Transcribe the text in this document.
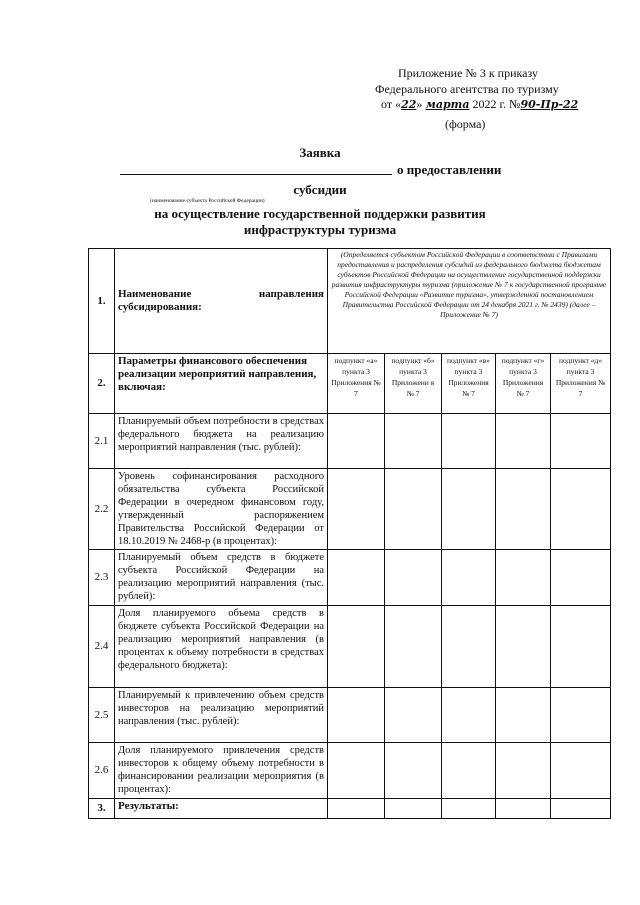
Приложение № 3 к приказу
Федерального агентства по туризму
от «22» марта 2022 г. №90-Пр-22
(форма)
Заявка
о предоставлении
субсидии
(наименование субъекта Российской Федерации)
на осуществление государственной поддержки развития
инфраструктуры туризма
1.	Наименование направления субсидирования:	(Определяется субъектом Российской Федерации в соответствии с Правилами предоставления и распределения субсидий из федерального бюджета бюджетам субъектов Российской Федерации на осуществление государственной поддержки развития инфраструктуры туризма (приложение № 7 к государственной программе Российской Федерации «Развитие туризма», утвержденной постановлением Правительства Российской Федерации от 24 декабря 2021 г. № 2439) (далее – Приложение № 7)				
2.	Параметры финансового обеспечения реализации мероприятий направления, включая:	подпункт «а» пункта 3 Приложения № 7	подпункт «б» пункта 3 Приложени я № 7	подпункт «в» пункта 3 Приложения № 7	подпункт «г» пункта 3 Приложения № 7	подпункт «д» пункта 3 Приложения № 7
2.1	Планируемый объем потребности в средствах федерального бюджета на реализацию мероприятий направления (тыс. рублей):					
2.2	Уровень софинансирования расходного обязательства субъекта Российской Федерации в очередном финансовом году, утвержденный распоряжением Правительства Российской Федерации от 18.10.2019 № 2468-р (в процентах):					
2.3	Планируемый объем средств в бюджете субъекта Российской Федерации на реализацию мероприятий направления (тыс. рублей):					
2.4	Доля планируемого объема средств в бюджете субъекта Российской Федерации на реализацию мероприятий направления (в процентах к объему потребности в средствах федерального бюджета):					
2.5	Планируемый к привлечению объем средств инвесторов на реализацию мероприятий направления (тыс. рублей):					
2.6	Доля планируемого привлечения средств инвесторов к общему объему потребности в финансировании реализации мероприятия (в процентах):					
3.	Результаты:					
